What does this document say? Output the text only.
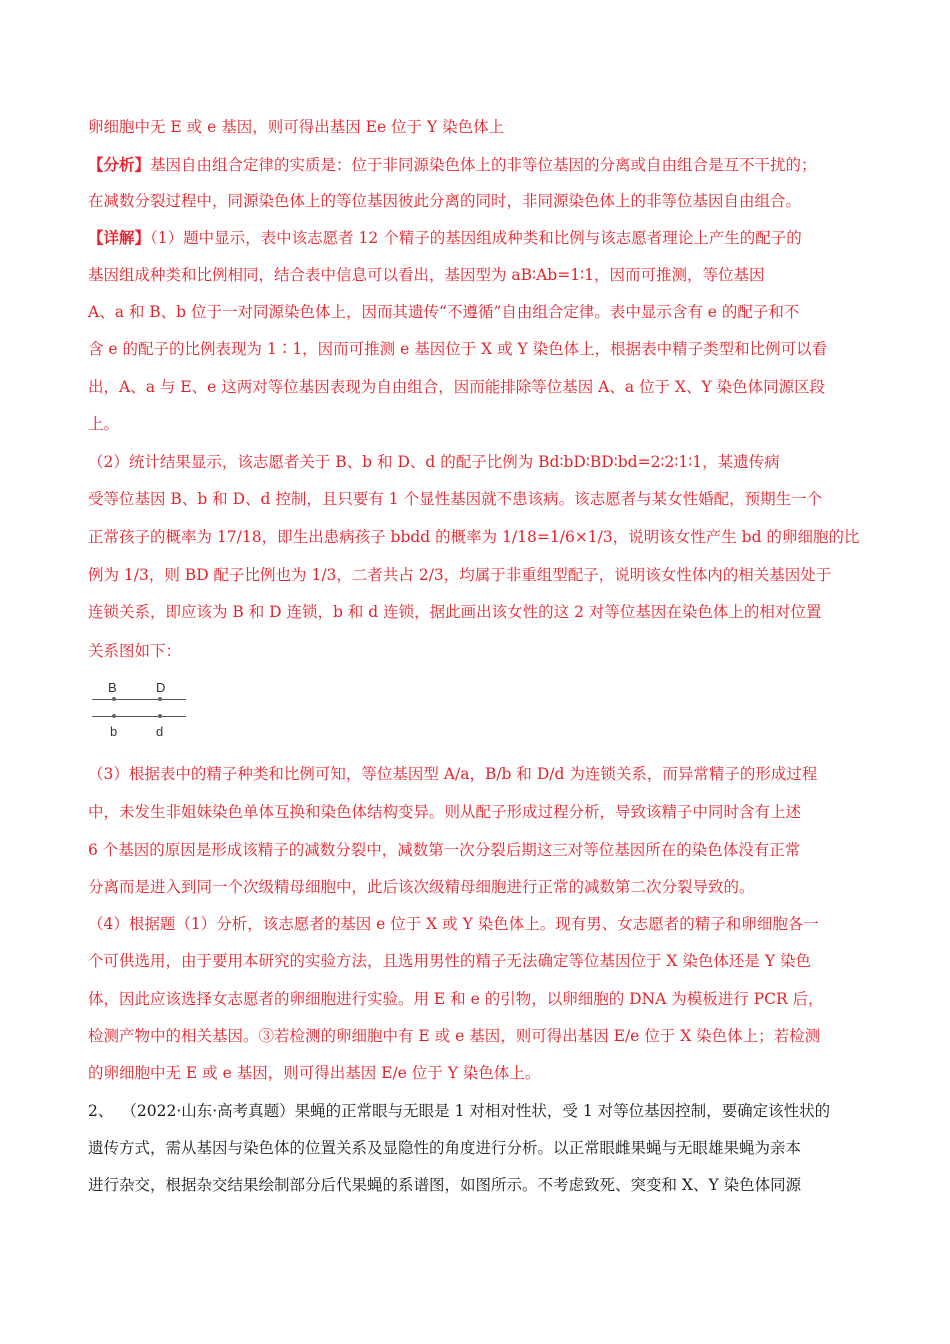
卵细胞中无 E 或 e 基因，则可得出基因 Ee 位于 Y 染色体上
【分析】基因自由组合定律的实质是：位于非同源染色体上的非等位基因的分离或自由组合是互不干扰的；
在减数分裂过程中，同源染色体上的等位基因彼此分离的同时，非同源染色体上的非等位基因自由组合。
【详解】（1）题中显示，表中该志愿者 12 个精子的基因组成种类和比例与该志愿者理论上产生的配子的
基因组成种类和比例相同，结合表中信息可以看出，基因型为 aB∶Ab=1∶1，因而可推测，等位基因
A、a 和 B、b 位于一对同源染色体上，因而其遗传“不遵循”自由组合定律。表中显示含有 e 的配子和不
含 e 的配子的比例表现为 1∶1，因而可推测 e 基因位于 X 或 Y 染色体上，根据表中精子类型和比例可以看
出，A、a 与 E、e 这两对等位基因表现为自由组合，因而能排除等位基因 A、a 位于 X、Y 染色体同源区段
上。
（2）统计结果显示，该志愿者关于 B、b 和 D、d 的配子比例为 Bd∶bD∶BD∶bd=2∶2∶1∶1，某遗传病
受等位基因 B、b 和 D、d 控制，且只要有 1 个显性基因就不患该病。该志愿者与某女性婚配，预期生一个
正常孩子的概率为 17/18，即生出患病孩子 bbdd 的概率为 1/18=1/6×1/3，说明该女性产生 bd 的卵细胞的比
例为 1/3，则 BD 配子比例也为 1/3，二者共占 2/3，均属于非重组型配子，说明该女性体内的相关基因处于
连锁关系，即应该为 B 和 D 连锁，b 和 d 连锁，据此画出该女性的这 2 对等位基因在染色体上的相对位置
关系图如下：
B	D
b	d
（3）根据表中的精子种类和比例可知，等位基因型 A/a，B/b 和 D/d 为连锁关系，而异常精子的形成过程
中，未发生非姐妹染色单体互换和染色体结构变异。则从配子形成过程分析，导致该精子中同时含有上述
6 个基因的原因是形成该精子的减数分裂中，减数第一次分裂后期这三对等位基因所在的染色体没有正常
分离而是进入到同一个次级精母细胞中，此后该次级精母细胞进行正常的减数第二次分裂导致的。
（4）根据题（1）分析，该志愿者的基因 e 位于 X 或 Y 染色体上。现有男、女志愿者的精子和卵细胞各一
个可供选用，由于要用本研究的实验方法，且选用男性的精子无法确定等位基因位于 X 染色体还是 Y 染色
体，因此应该选择女志愿者的卵细胞进行实验。用 E 和 e 的引物，以卵细胞的 DNA 为模板进行 PCR 后，
检测产物中的相关基因。③若检测的卵细胞中有 E 或 e 基因，则可得出基因 E/e 位于 X 染色体上；若检测
的卵细胞中无 E 或 e 基因，则可得出基因 E/e 位于 Y 染色体上。
2、 （2022·山东·高考真题）果蝇的正常眼与无眼是 1 对相对性状，受 1 对等位基因控制，要确定该性状的
遗传方式，需从基因与染色体的位置关系及显隐性的角度进行分析。以正常眼雌果蝇与无眼雄果蝇为亲本
进行杂交，根据杂交结果绘制部分后代果蝇的系谱图，如图所示。不考虑致死、突变和 X、Y 染色体同源
